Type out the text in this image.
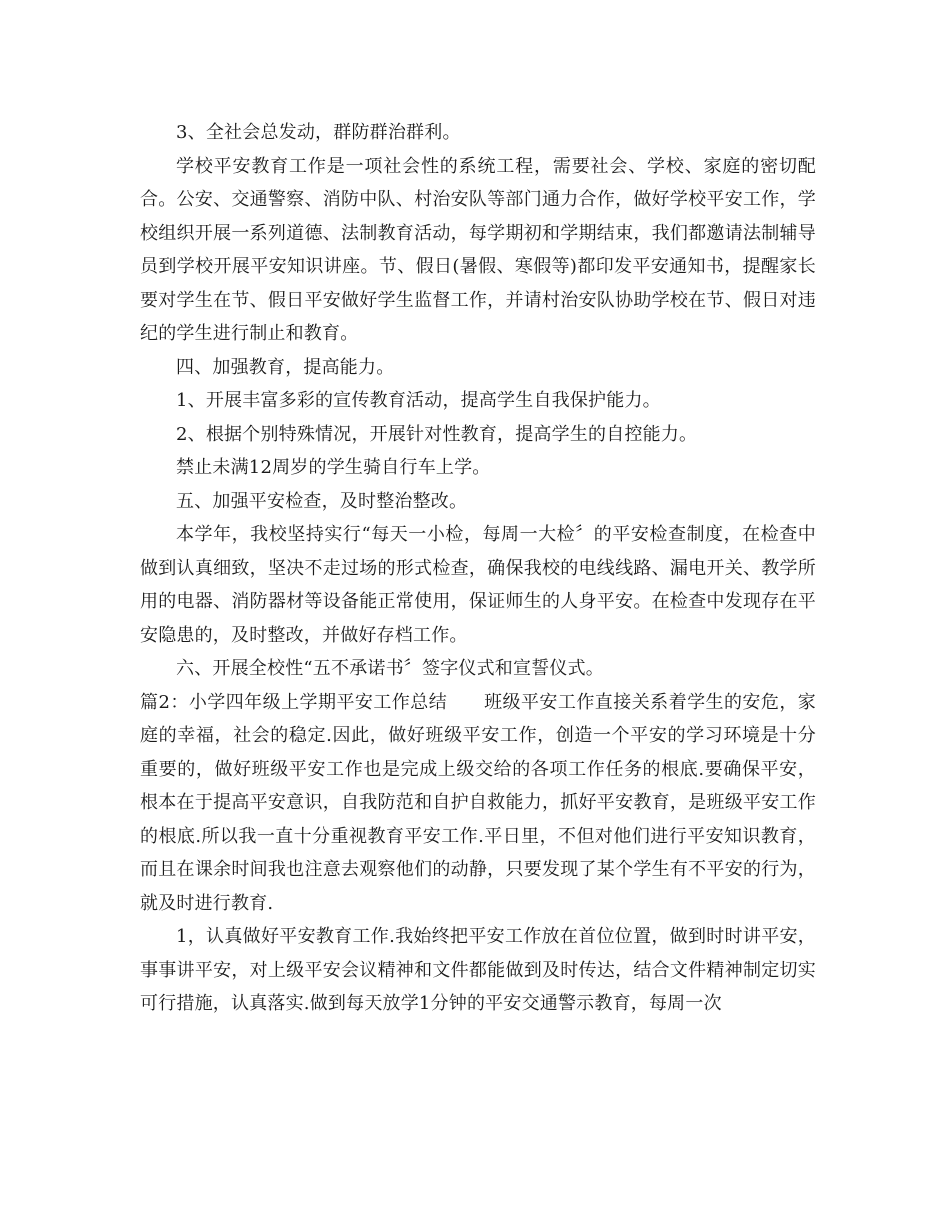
3、全社会总发动，群防群治群利。

学校平安教育工作是一项社会性的系统工程，需要社会、学校、家庭的密切配合。公安、交通警察、消防中队、村治安队等部门通力合作，做好学校平安工作，学校组织开展一系列道德、法制教育活动，每学期初和学期结束，我们都邀请法制辅导员到学校开展平安知识讲座。节、假日(暑假、寒假等)都印发平安通知书，提醒家长要对学生在节、假日平安做好学生监督工作，并请村治安队协助学校在节、假日对违纪的学生进行制止和教育。

四、加强教育，提高能力。

1、开展丰富多彩的宣传教育活动，提高学生自我保护能力。

2、根据个别特殊情况，开展针对性教育，提高学生的自控能力。

禁止未满12周岁的学生骑自行车上学。

五、加强平安检查，及时整治整改。

本学年，我校坚持实行“每天一小检，每周一大检〞的平安检查制度，在检查中做到认真细致，坚决不走过场的形式检查，确保我校的电线线路、漏电开关、教学所用的电器、消防器材等设备能正常使用，保证师生的人身平安。在检查中发现存在平安隐患的，及时整改，并做好存档工作。

六、开展全校性“五不承诺书〞签字仪式和宣誓仪式。

篇2：小学四年级上学期平安工作总结　　班级平安工作直接关系着学生的安危，家庭的幸福，社会的稳定.因此，做好班级平安工作，创造一个平安的学习环境是十分重要的，做好班级平安工作也是完成上级交给的各项工作任务的根底.要确保平安，根本在于提高平安意识，自我防范和自护自救能力，抓好平安教育，是班级平安工作的根底.所以我一直十分重视教育平安工作.平日里，不但对他们进行平安知识教育，而且在课余时间我也注意去观察他们的动静，只要发现了某个学生有不平安的行为，就及时进行教育.

1，认真做好平安教育工作.我始终把平安工作放在首位位置，做到时时讲平安，事事讲平安，对上级平安会议精神和文件都能做到及时传达，结合文件精神制定切实可行措施，认真落实.做到每天放学1分钟的平安交通警示教育，每周一次
